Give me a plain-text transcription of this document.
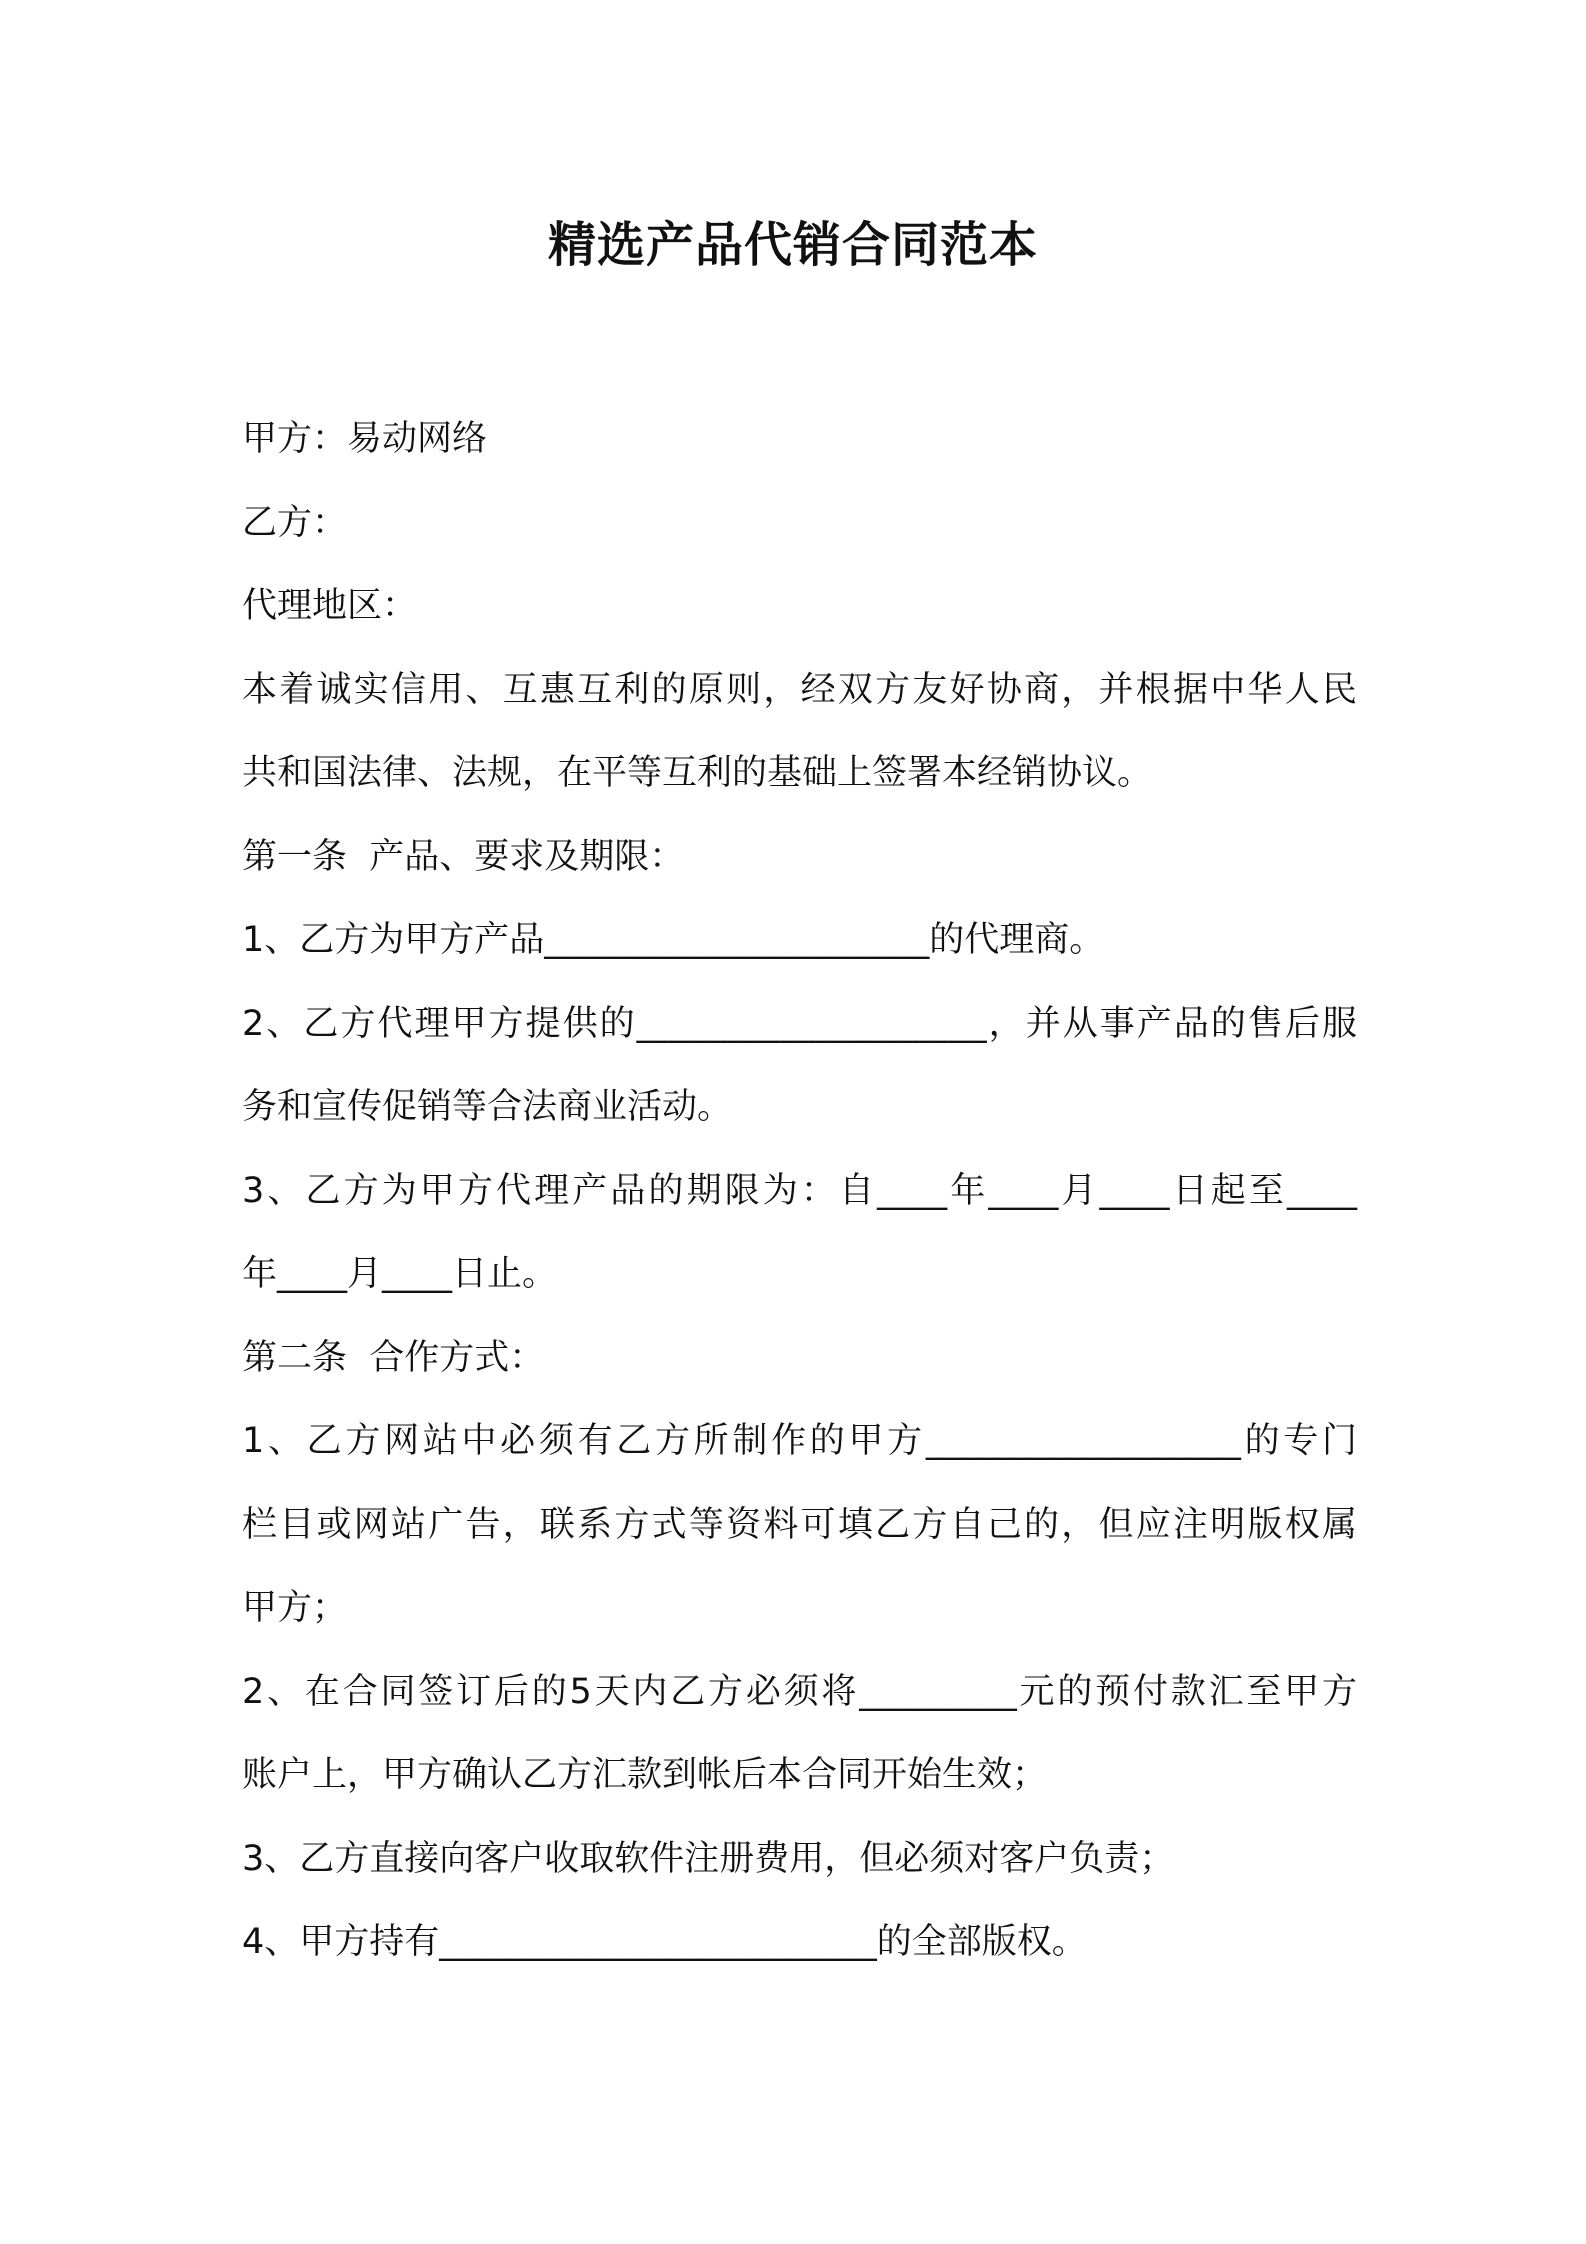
精选产品代销合同范本
甲方：易动网络
乙方：
代理地区：
本着诚实信用、互惠互利的原则，经双方友好协商，并根据中华人民
共和国法律、法规，在平等互利的基础上签署本经销协议。
第一条  产品、要求及期限：
1、乙方为甲方产品______________________的代理商。
2、乙方代理甲方提供的____________________，并从事产品的售后服
务和宣传促销等合法商业活动。
3、乙方为甲方代理产品的期限为：自____年____月____日起至____
年____月____日止。
第二条  合作方式：
1、乙方网站中必须有乙方所制作的甲方__________________的专门
栏目或网站广告，联系方式等资料可填乙方自己的，但应注明版权属
甲方；
2、在合同签订后的5天内乙方必须将_________元的预付款汇至甲方
账户上，甲方确认乙方汇款到帐后本合同开始生效；
3、乙方直接向客户收取软件注册费用，但必须对客户负责；
4、甲方持有_________________________的全部版权。
